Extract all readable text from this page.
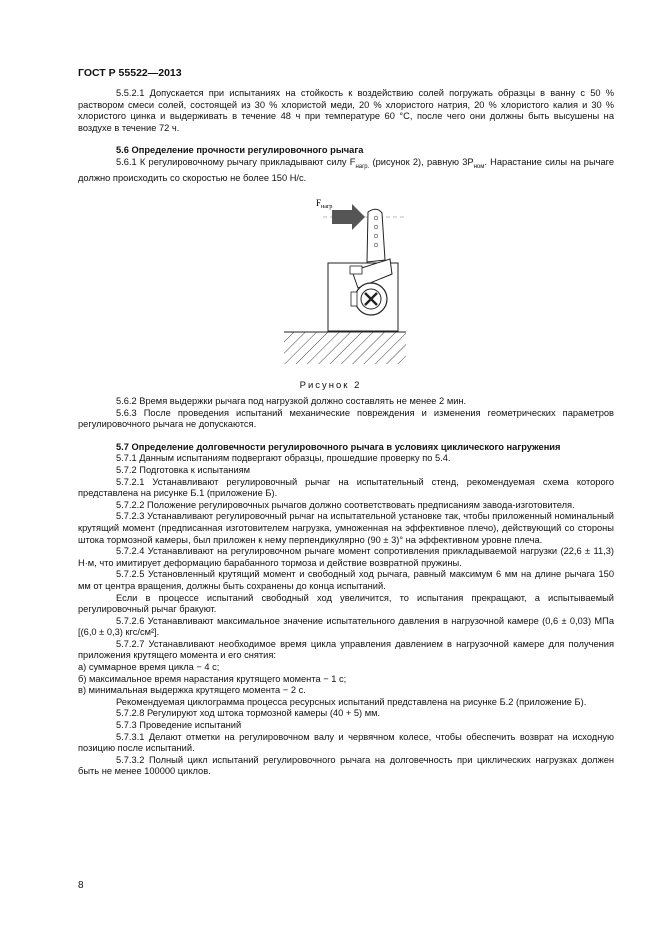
ГОСТ Р 55522—2013

5.5.2.1 Допускается при испытаниях на стойкость к воздействию солей погружать образцы в ванну с 50 % раствором смеси солей, состоящей из 30 % хлористой меди, 20 % хлористого натрия, 20 % хлористого калия и 30 % хлористого цинка и выдерживать в течение 48 ч при температуре 60 °С, после чего они должны быть высушены на воздухе в течение 72 ч.

5.6 Определение прочности регулировочного рычага

5.6.1 К регулировочному рычагу прикладывают силу $F_{нагр.}$ (рисунок 2), равную $3P_{ном}$. Нарастание силы на рычаге должно происходить со скоростью не более 150 Н/с.

$F_{нагр}$
Рисунок 2

5.6.2 Время выдержки рычага под нагрузкой должно составлять не менее 2 мин.

5.6.3 После проведения испытаний механические повреждения и изменения геометрических параметров регулировочного рычага не допускаются.

5.7 Определение долговечности регулировочного рычага в условиях циклического нагружения

5.7.1 Данным испытаниям подвергают образцы, прошедшие проверку по 5.4.

5.7.2 Подготовка к испытаниям

5.7.2.1 Устанавливают регулировочный рычаг на испытательный стенд, рекомендуемая схема которого представлена на рисунке Б.1 (приложение Б).

5.7.2.2 Положение регулировочных рычагов должно соответствовать предписаниям завода-изготовителя.

5.7.2.3 Устанавливают регулировочный рычаг на испытательной установке так, чтобы приложенный номинальный крутящий момент (предписанная изготовителем нагрузка, умноженная на эффективное плечо), действующий со стороны штока тормозной камеры, был приложен к нему перпендикулярно (90 ± 3)° на эффективном уровне плеча.

5.7.2.4 Устанавливают на регулировочном рычаге момент сопротивления прикладываемой нагрузки (22,6 ± 11,3) Н·м, что имитирует деформацию барабанного тормоза и действие возвратной пружины.

5.7.2.5 Установленный крутящий момент и свободный ход рычага, равный максимум 6 мм на длине рычага 150 мм от центра вращения, должны быть сохранены до конца испытаний.

Если в процессе испытаний свободный ход увеличится, то испытания прекращают, а испытываемый регулировочный рычаг бракуют.

5.7.2.6 Устанавливают максимальное значение испытательного давления в нагрузочной камере (0,6 ± 0,03) МПа [(6,0 ± 0,3) кгс/см²].

5.7.2.7 Устанавливают необходимое время цикла управления давлением в нагрузочной камере для получения приложения крутящего момента и его снятия:

а) суммарное время цикла − 4 с;

б) максимальное время нарастания крутящего момента − 1 с;

в) минимальная выдержка крутящего момента − 2 с.

Рекомендуемая циклограмма процесса ресурсных испытаний представлена на рисунке Б.2 (приложение Б).

5.7.2.8 Регулируют ход штока тормозной камеры (40 + 5) мм.

5.7.3 Проведение испытаний

5.7.3.1 Делают отметки на регулировочном валу и червячном колесе, чтобы обеспечить возврат на исходную позицию после испытаний.

5.7.3.2 Полный цикл испытаний регулировочного рычага на долговечность при циклических нагрузках должен быть не менее 100000 циклов.

8
